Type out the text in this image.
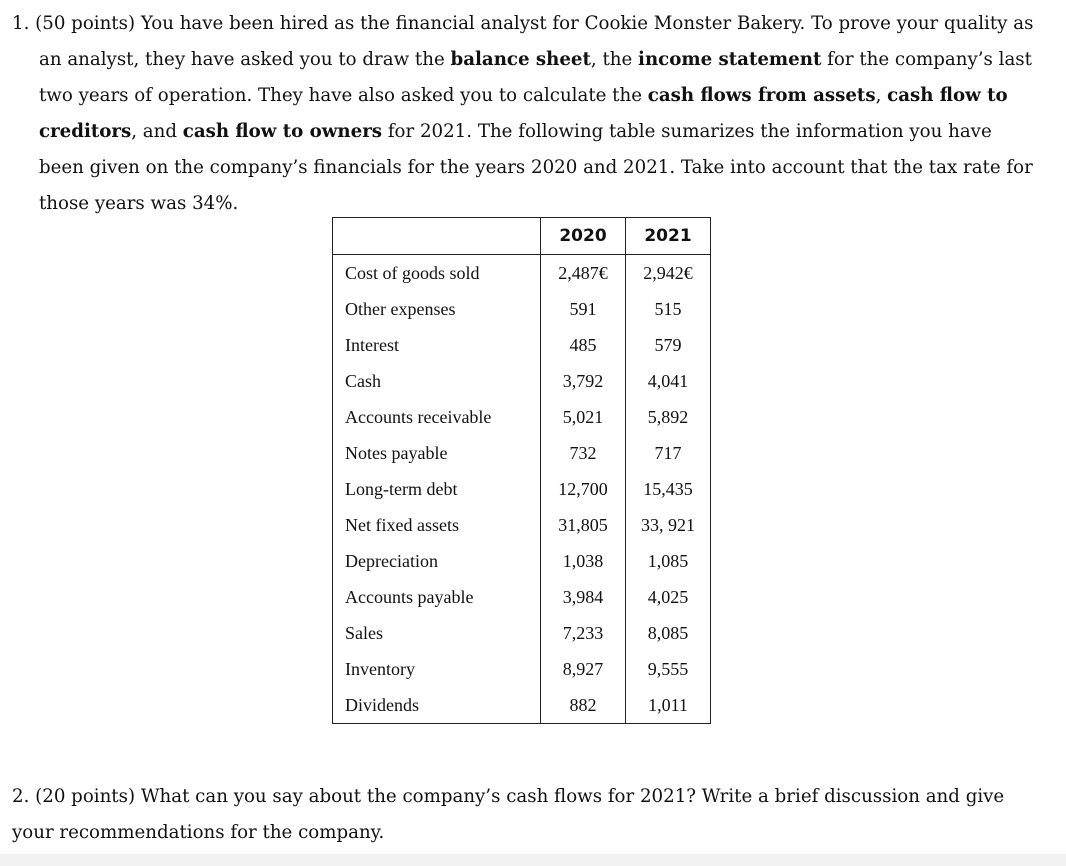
1. (50 points) You have been hired as the financial analyst for Cookie Monster Bakery. To prove your quality as an analyst, they have asked you to draw the balance sheet, the income statement for the company’s last two years of operation. They have also asked you to calculate the cash flows from assets, cash flow to creditors, and cash flow to owners for 2021. The following table sumarizes the information you have been given on the company’s financials for the years 2020 and 2021. Take into account that the tax rate for those years was 34%.
	2020	2021
Cost of goods sold	2,487€	2,942€
Other expenses	591	515
Interest	485	579
Cash	3,792	4,041
Accounts receivable	5,021	5,892
Notes payable	732	717
Long-term debt	12,700	15,435
Net fixed assets	31,805	33, 921
Depreciation	1,038	1,085
Accounts payable	3,984	4,025
Sales	7,233	8,085
Inventory	8,927	9,555
Dividends	882	1,011
2. (20 points) What can you say about the company’s cash flows for 2021? Write a brief discussion and give your recommendations for the company.
